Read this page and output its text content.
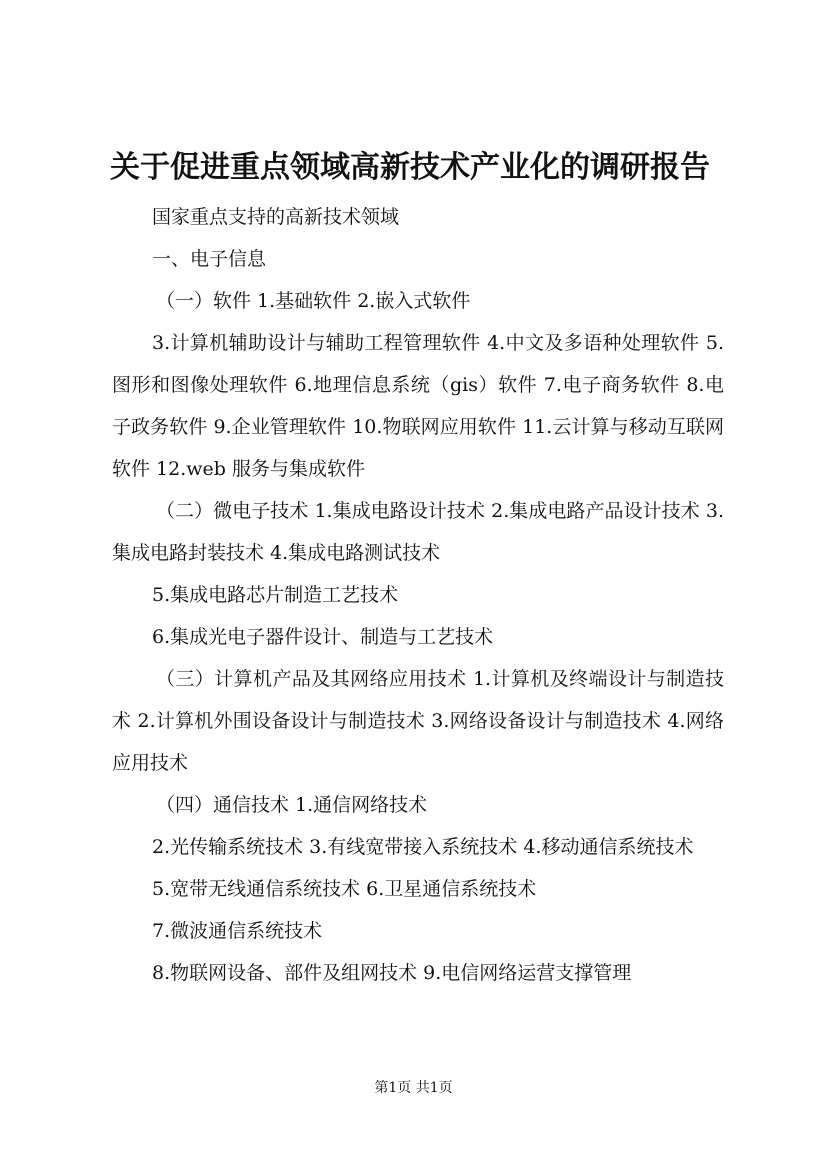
关于促进重点领域高新技术产业化的调研报告

国家重点支持的高新技术领域

一、电子信息

（一）软件 1.基础软件 2.嵌入式软件

3.计算机辅助设计与辅助工程管理软件 4.中文及多语种处理软件 5.图形和图像处理软件 6.地理信息系统（gis）软件 7.电子商务软件 8.电子政务软件 9.企业管理软件 10.物联网应用软件 11.云计算与移动互联网软件 12.web 服务与集成软件

（二）微电子技术 1.集成电路设计技术 2.集成电路产品设计技术 3.集成电路封装技术 4.集成电路测试技术

5.集成电路芯片制造工艺技术

6.集成光电子器件设计、制造与工艺技术

（三）计算机产品及其网络应用技术 1.计算机及终端设计与制造技术 2.计算机外围设备设计与制造技术 3.网络设备设计与制造技术 4.网络应用技术

（四）通信技术 1.通信网络技术

2.光传输系统技术 3.有线宽带接入系统技术 4.移动通信系统技术

5.宽带无线通信系统技术 6.卫星通信系统技术

7.微波通信系统技术

8.物联网设备、部件及组网技术 9.电信网络运营支撑管理

第1页 共1页
